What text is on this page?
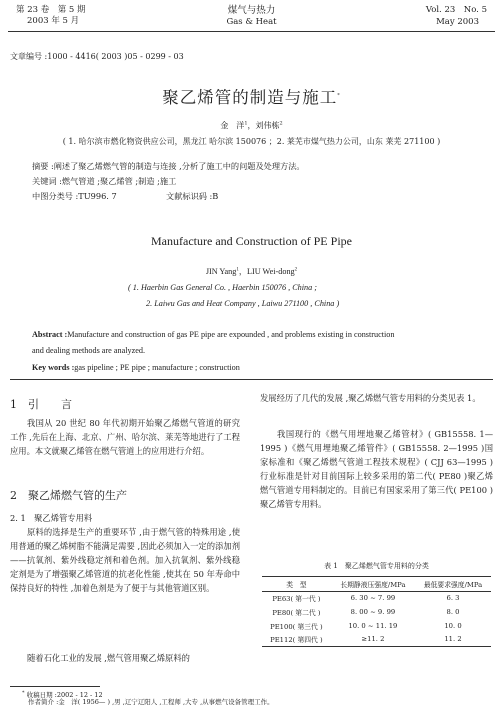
第 23 卷　第 5 期
2003 年 5 月
煤气与热力
Gas & Heat
Vol. 23　No. 5
May 2003
文章编号 :1000 - 4416( 2003 )05 - 0299 - 03
聚乙烯管的制造与施工*
金　洋$^1$，刘伟栋$^2$
( 1. 哈尔滨市燃化物资供应公司，黑龙江 哈尔滨 150076 ；2. 莱芜市煤气热力公司，山东 莱芜 271100 )
摘要 :阐述了聚乙烯燃气管的制造与连接 ,分析了施工中的问题及处理方法。
关键词 :燃气管道 ;聚乙烯管 ;制造 ;施工
中图分类号 :TU996. 7	文献标识码 :B
Manufacture and Construction of PE Pipe
JIN Yang$^1$，LIU Wei-dong$^2$
( 1. Haerbin Gas General Co. , Haerbin 150076 , China ;
2. Laiwu Gas and Heat Company , Laiwu 271100 , China )
Abstract :Manufacture and construction of gas PE pipe are expounded , and problems existing in construction
and dealing methods are analyzed.
Key words :gas pipeline ; PE pipe ; manufacture ; construction
1　引　　言
我国从 20 世纪 80 年代初期开始聚乙烯燃气管道的研究工作 ,先后在上海、北京、广州、哈尔滨、莱芜等地进行了工程应用。本文就聚乙烯管在燃气管道上的应用进行介绍。
2　聚乙烯燃气管的生产
2. 1　聚乙烯管专用料
原料的选择是生产的重要环节 ,由于燃气管的特殊用途 ,使用普通的聚乙烯树脂不能满足需要 ,因此必须加入一定的添加剂——抗氧剂、紫外线稳定剂和着色剂。加入抗氧剂、紫外线稳定剂是为了增强聚乙烯管道的抗老化性能 ,使其在 50 年寿命中保持良好的特性 ,加着色剂是为了便于与其他管道区别。
随着石化工业的发展 ,燃气管用聚乙烯原料的
发展经历了几代的发展 ,聚乙烯燃气管专用料的分类见表 1。
我国现行的《燃气用埋地聚乙烯管材》( GB15558. 1—1995 )《燃气用埋地聚乙烯管件》( GB15558. 2—1995 )国家标准和《聚乙烯燃气管道工程技术规程》( CJJ 63—1995 )行业标准是针对目前国际上较多采用的第二代( PE80 )聚乙烯燃气管道专用料制定的。目前已有国家采用了第三代( PE100 )聚乙烯管专用料。
表 1　聚乙烯燃气管专用料的分类
类　型	长期静液压强度/MPa	最低要求强度/MPa
PE63( 第一代 )	6. 30 ~ 7. 99	6. 3
PE80( 第二代 )	8. 00 ~ 9. 99	8. 0
PE100( 第三代 )	10. 0 ~ 11. 19	10. 0
PE112( 第四代 )	≥11. 2	11. 2
* 收稿日期 :2002 - 12 - 12
作者简介 :金　洋( 1956— ) ,男 ,辽宁辽阳人 ,工程师 ,大专 ,从事燃气设备管理工作。
